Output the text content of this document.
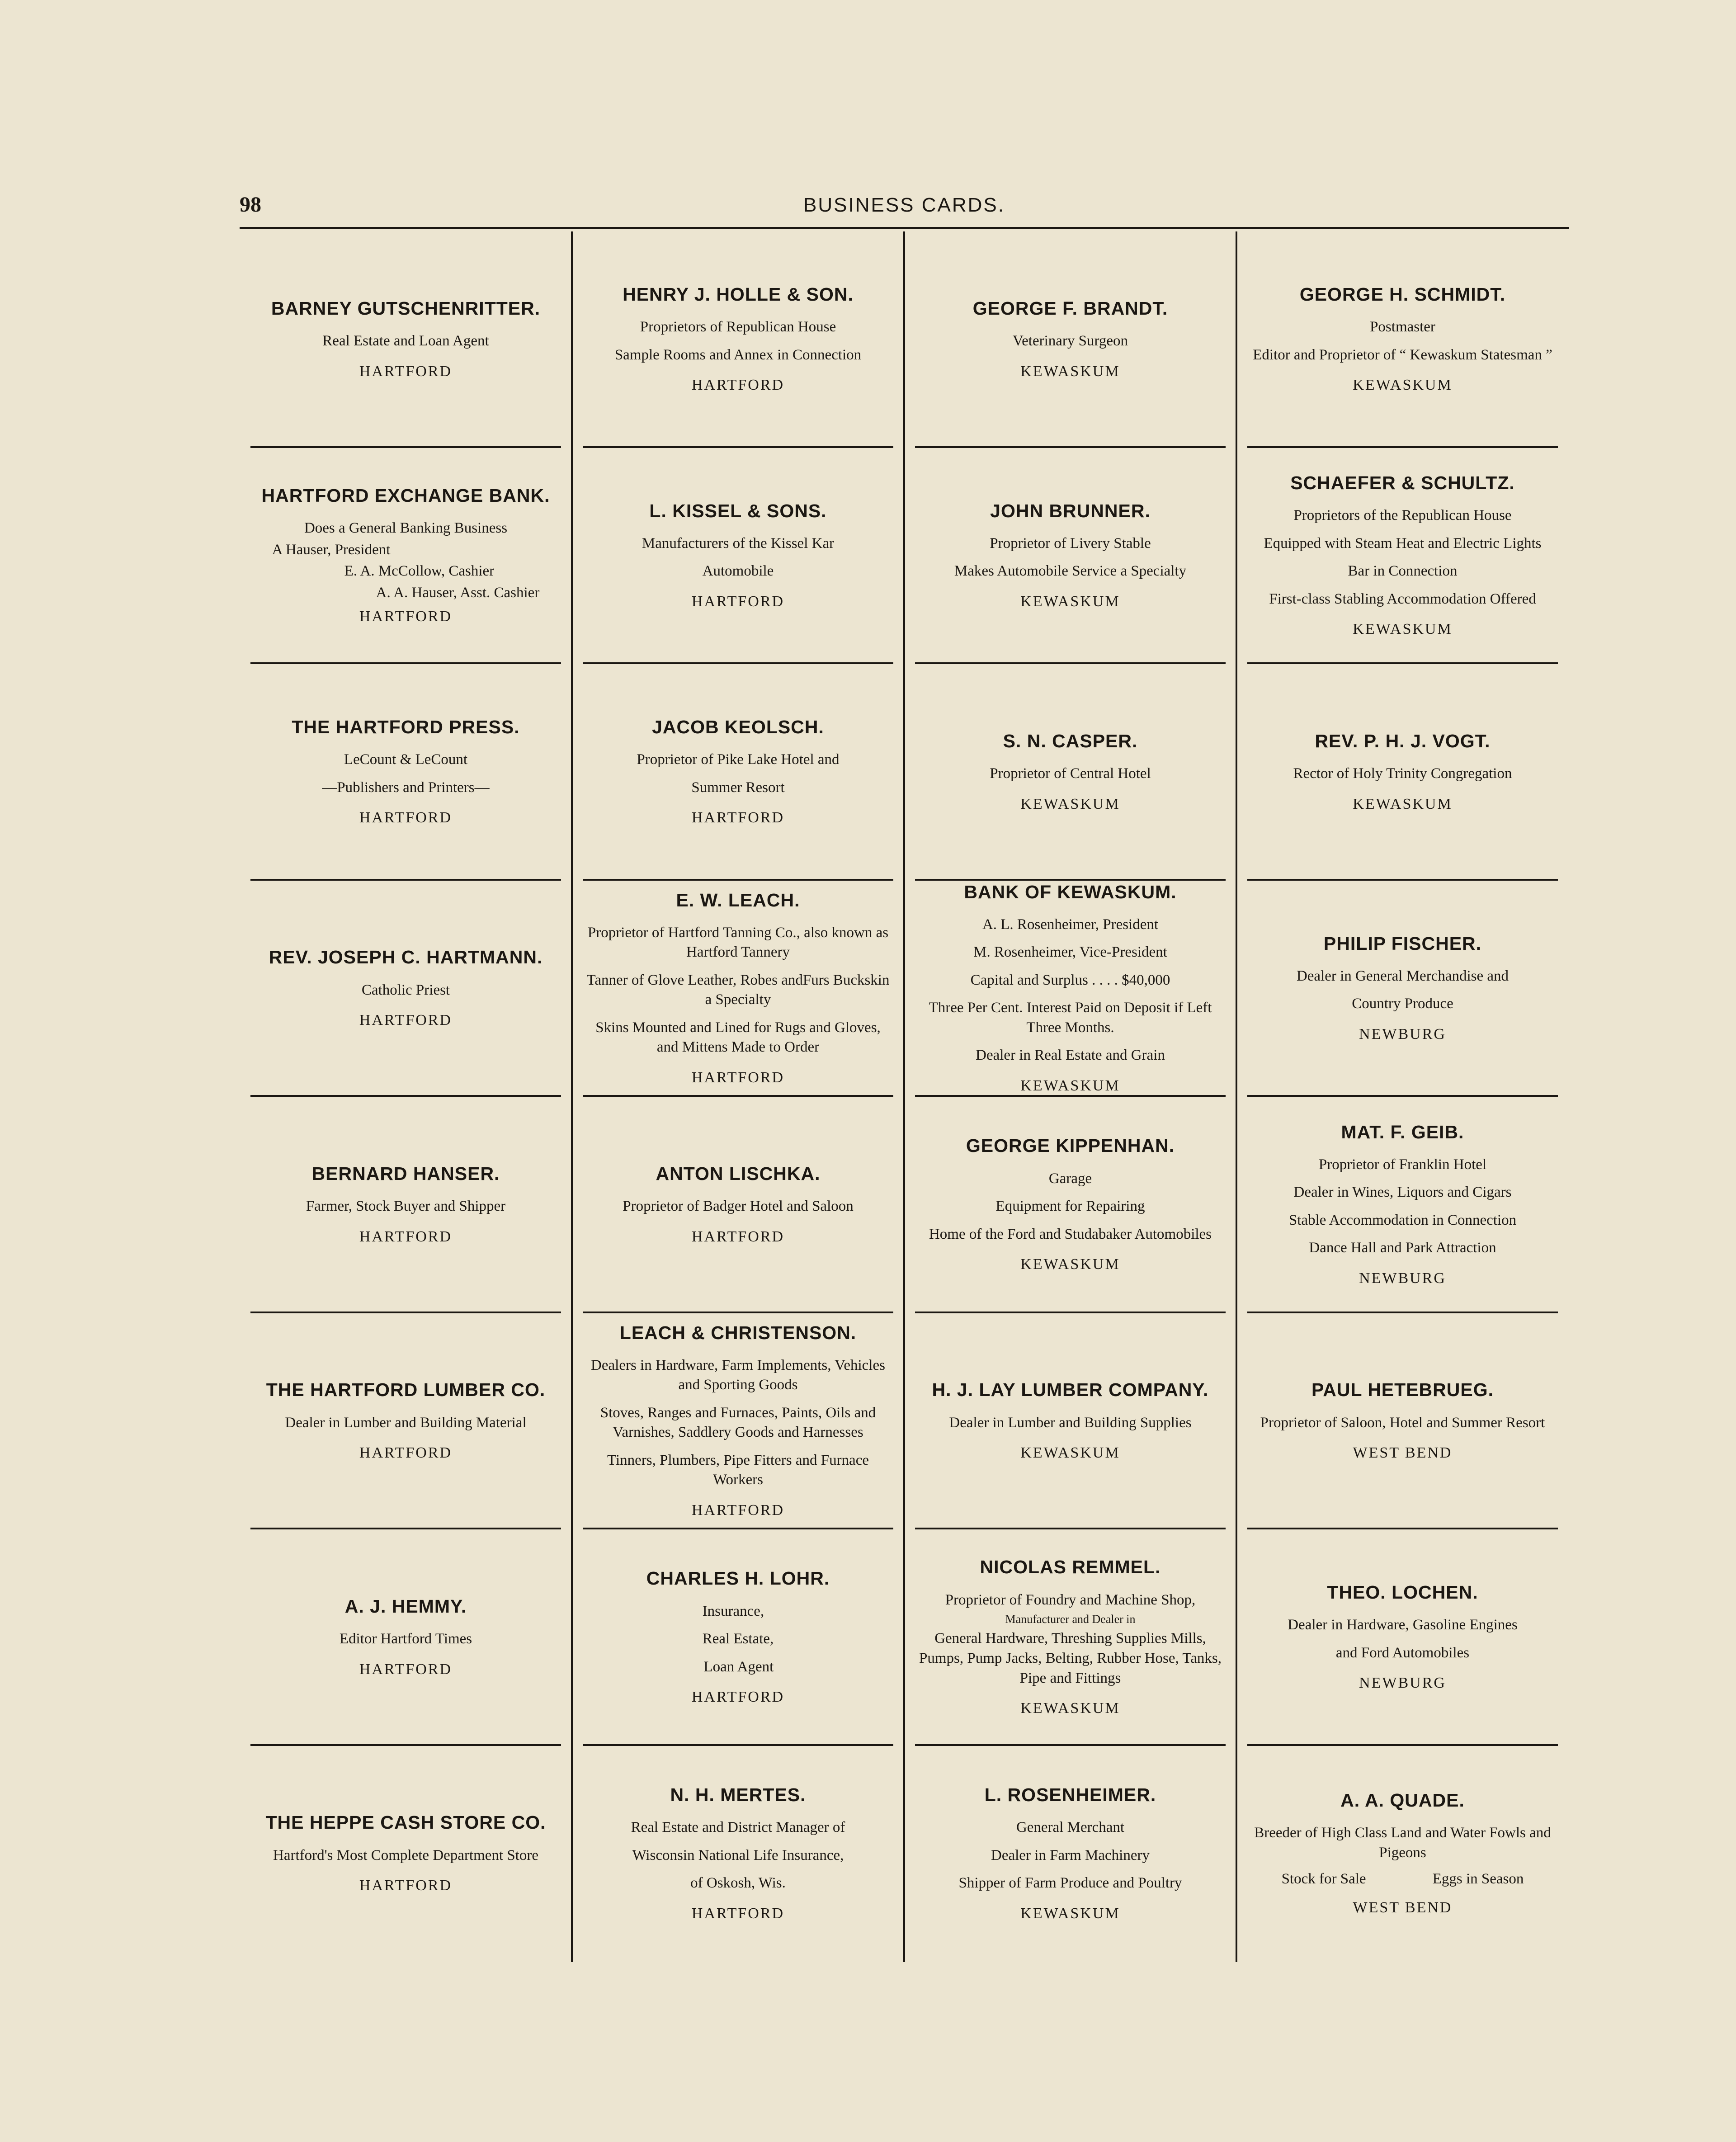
98	BUSINESS CARDS.
BARNEY GUTSCHENRITTER.
Real Estate and Loan Agent
HARTFORD
HARTFORD EXCHANGE BANK.
Does a General Banking Business
A Hauser, President
E. A. McCollow, Cashier
A. A. Hauser, Asst. Cashier
HARTFORD
THE HARTFORD PRESS.
LeCount & LeCount
—Publishers and Printers—
HARTFORD
REV. JOSEPH C. HARTMANN.
Catholic Priest
HARTFORD
BERNARD HANSER.
Farmer, Stock Buyer and Shipper
HARTFORD
THE HARTFORD LUMBER CO.
Dealer in Lumber and Building Material
HARTFORD
A. J. HEMMY.
Editor Hartford Times
HARTFORD
THE HEPPE CASH STORE CO.
Hartford's Most Complete Department Store
HARTFORD
HENRY J. HOLLE & SON.
Proprietors of Republican House
Sample Rooms and Annex in Connection
HARTFORD
L. KISSEL & SONS.
Manufacturers of the Kissel Kar
Automobile
HARTFORD
JACOB KEOLSCH.
Proprietor of Pike Lake Hotel and
Summer Resort
HARTFORD
E. W. LEACH.
Proprietor of Hartford Tanning Co., also known as Hartford Tannery
Tanner of Glove Leather, Robes andFurs Buckskin a Specialty
Skins Mounted and Lined for Rugs and Gloves, and Mittens Made to Order
HARTFORD
ANTON LISCHKA.
Proprietor of Badger Hotel and Saloon
HARTFORD
LEACH & CHRISTENSON.
Dealers in Hardware, Farm Implements, Vehicles and Sporting Goods
Stoves, Ranges and Furnaces, Paints, Oils and Varnishes, Saddlery Goods and Harnesses
Tinners, Plumbers, Pipe Fitters and Furnace Workers
HARTFORD
CHARLES H. LOHR.
Insurance,
Real Estate,
Loan Agent
HARTFORD
N. H. MERTES.
Real Estate and District Manager of
Wisconsin National Life Insurance,
of Oskosh, Wis.
HARTFORD
GEORGE F. BRANDT.
Veterinary Surgeon
KEWASKUM
JOHN BRUNNER.
Proprietor of Livery Stable
Makes Automobile Service a Specialty
KEWASKUM
S. N. CASPER.
Proprietor of Central Hotel
KEWASKUM
BANK OF KEWASKUM.
A. L. Rosenheimer, President
M. Rosenheimer, Vice-President
Capital and Surplus . . . . $40,000
Three Per Cent. Interest Paid on Deposit if Left Three Months.
Dealer in Real Estate and Grain
KEWASKUM
GEORGE KIPPENHAN.
Garage
Equipment for Repairing
Home of the Ford and Studabaker Automobiles
KEWASKUM
H. J. LAY LUMBER COMPANY.
Dealer in Lumber and Building Supplies
KEWASKUM
NICOLAS REMMEL.
Proprietor of Foundry and Machine Shop,
Manufacturer and Dealer in
General Hardware, Threshing Supplies Mills, Pumps, Pump Jacks, Belting, Rubber Hose, Tanks, Pipe and Fittings
KEWASKUM
L. ROSENHEIMER.
General Merchant
Dealer in Farm Machinery
Shipper of Farm Produce and Poultry
KEWASKUM
GEORGE H. SCHMIDT.
Postmaster
Editor and Proprietor of “ Kewaskum Statesman ”
KEWASKUM
SCHAEFER & SCHULTZ.
Proprietors of the Republican House
Equipped with Steam Heat and Electric Lights
Bar in Connection
First-class Stabling Accommodation Offered
KEWASKUM
REV. P. H. J. VOGT.
Rector of Holy Trinity Congregation
KEWASKUM
PHILIP FISCHER.
Dealer in General Merchandise and
Country Produce
NEWBURG
MAT. F. GEIB.
Proprietor of Franklin Hotel
Dealer in Wines, Liquors and Cigars
Stable Accommodation in Connection
Dance Hall and Park Attraction
NEWBURG
PAUL HETEBRUEG.
Proprietor of Saloon, Hotel and Summer Resort
WEST BEND
THEO. LOCHEN.
Dealer in Hardware, Gasoline Engines
and Ford Automobiles
NEWBURG
A. A. QUADE.
Breeder of High Class Land and Water Fowls and Pigeons
Stock for Sale	Eggs in Season
WEST BEND
